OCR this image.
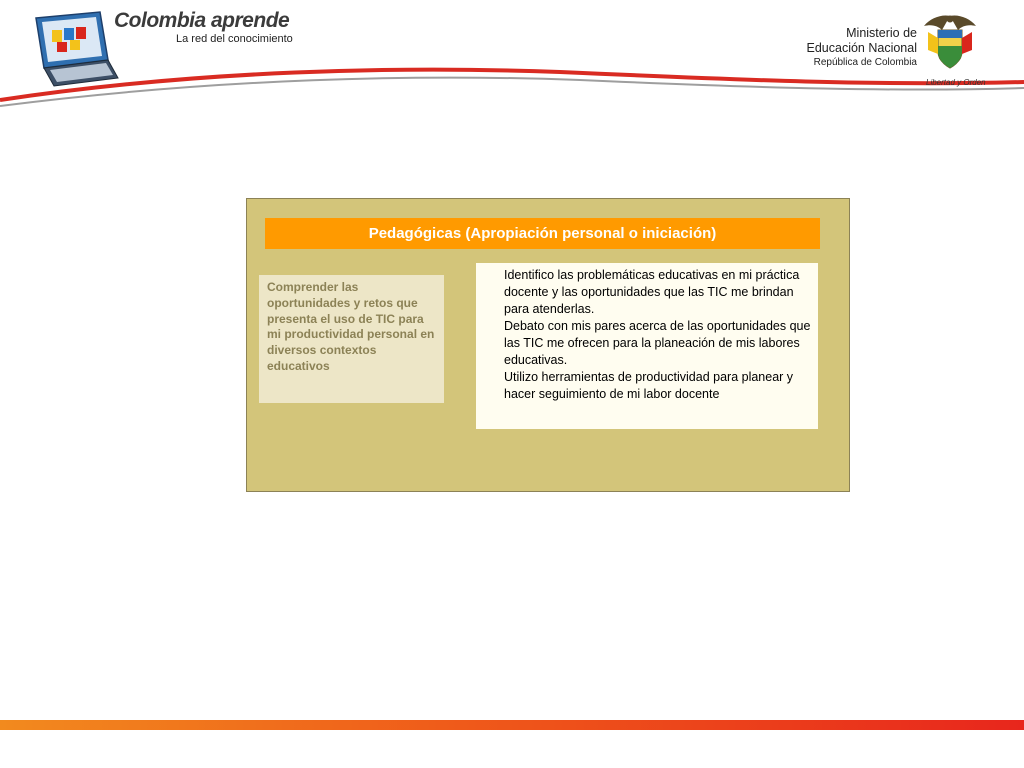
Colombia aprende
La red del conocimiento	Ministerio de
Educación Nacional
República de Colombia
Libertad y Orden
Pedagógicas (Apropiación personal o iniciación)
Comprender las oportunidades y retos que presenta el uso de TIC para mi productividad personal en diversos contextos educativos

Identifico las problemáticas educativas en mi práctica docente y las oportunidades que las TIC me brindan para atenderlas.

Debato con mis pares acerca de las oportunidades que las TIC me ofrecen para la planeación de mis labores educativas.

Utilizo herramientas de productividad para planear y hacer seguimiento de mi labor docente
